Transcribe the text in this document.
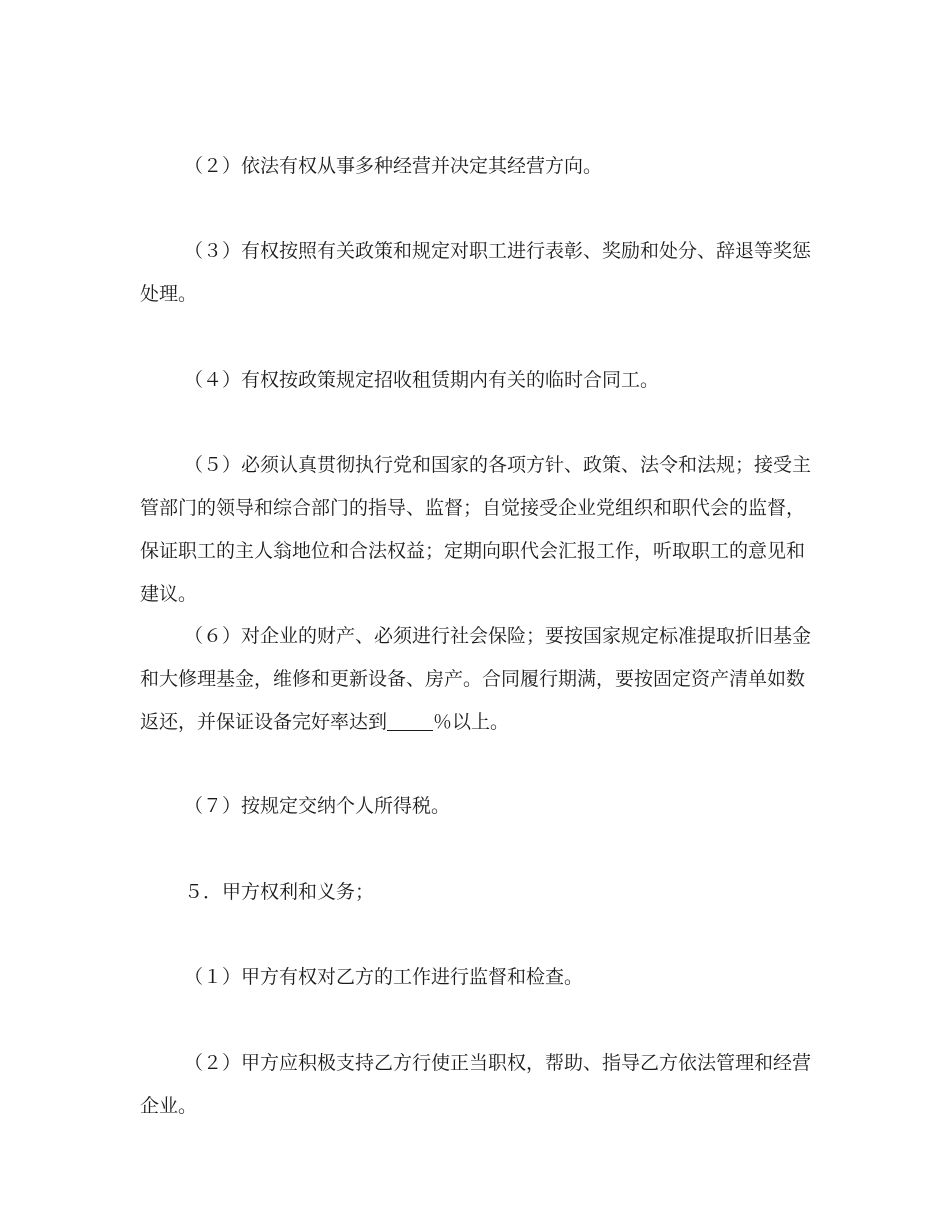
（２）依法有权从事多种经营并决定其经营方向。

（３）有权按照有关政策和规定对职工进行表彰、奖励和处分、辞退等奖惩处理。

（４）有权按政策规定招收租赁期内有关的临时合同工。

（５）必须认真贯彻执行党和国家的各项方针、政策、法令和法规；接受主管部门的领导和综合部门的指导、监督；自觉接受企业党组织和职代会的监督，保证职工的主人翁地位和合法权益；定期向职代会汇报工作，听取职工的意见和建议。

（６）对企业的财产、必须进行社会保险；要按国家规定标准提取折旧基金和大修理基金，维修和更新设备、房产。合同履行期满，要按固定资产清单如数返还，并保证设备完好率达到 ％以上。

（７）按规定交纳个人所得税。

５．甲方权利和义务；

（１）甲方有权对乙方的工作进行监督和检查。

（２）甲方应积极支持乙方行使正当职权，帮助、指导乙方依法管理和经营企业。
